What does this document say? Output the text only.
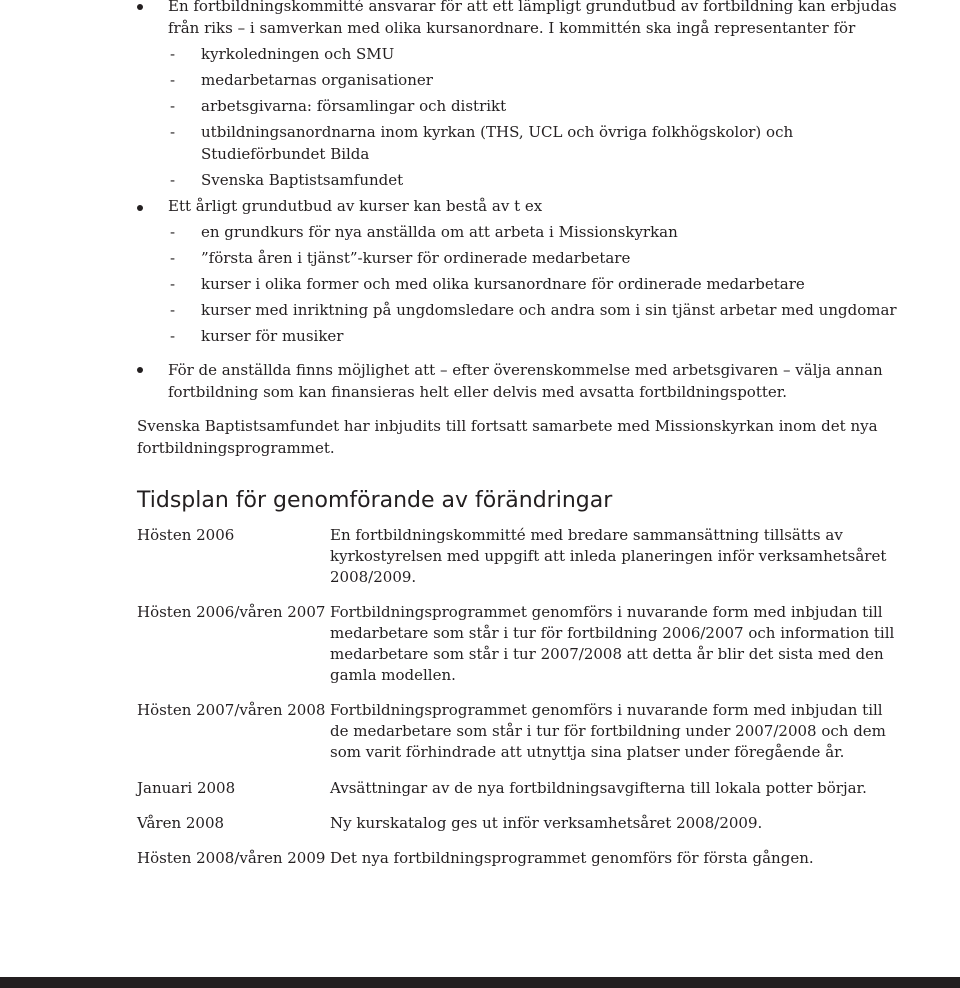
En fortbildningskommitté ansvarar för att ett lämpligt grundutbud av fortbildning kan erbjudas
från riks – i samverkan med olika kursanordnare. I kommittén ska ingå representanter för
- kyrkoledningen och SMU
- medarbetarnas organisationer
- arbetsgivarna: församlingar och distrikt
- utbildningsanordnarna inom kyrkan (THS, UCL och övriga folkhögskolor) och
Studieförbundet Bilda
- Svenska Baptistsamfundet
Ett årligt grundutbud av kurser kan bestå av t ex
- en grundkurs för nya anställda om att arbeta i Missionskyrkan
- ”första åren i tjänst”-kurser för ordinerade medarbetare
- kurser i olika former och med olika kursanordnare för ordinerade medarbetare
- kurser med inriktning på ungdomsledare och andra som i sin tjänst arbetar med ungdomar
- kurser för musiker
För de anställda finns möjlighet att – efter överenskommelse med arbetsgivaren – välja annan
fortbildning som kan finansieras helt eller delvis med avsatta fortbildningspotter.
Svenska Baptistsamfundet har inbjudits till fortsatt samarbete med Missionskyrkan inom det nya
fortbildningsprogrammet.
Tidsplan för genomförande av förändringar
Hösten 2006	En fortbildningskommitté med bredare sammansättning tillsätts av
kyrkostyrelsen med uppgift att inleda planeringen inför verksamhetsåret
2008/2009.
Hösten 2006/våren 2007 Fortbildningsprogrammet genomförs i nuvarande form med inbjudan till
medarbetare som står i tur för fortbildning 2006/2007 och information till
medarbetare som står i tur 2007/2008 att detta år blir det sista med den
gamla modellen.
Hösten 2007/våren 2008 Fortbildningsprogrammet genomförs i nuvarande form med inbjudan till
de medarbetare som står i tur för fortbildning under 2007/2008 och dem
som varit förhindrade att utnyttja sina platser under föregående år.
Januari 2008	Avsättningar av de nya fortbildningsavgifterna till lokala potter börjar.
Våren 2008	Ny kurskatalog ges ut inför verksamhetsåret 2008/2009.
Hösten 2008/våren 2009 Det nya fortbildningsprogrammet genomförs för första gången.
